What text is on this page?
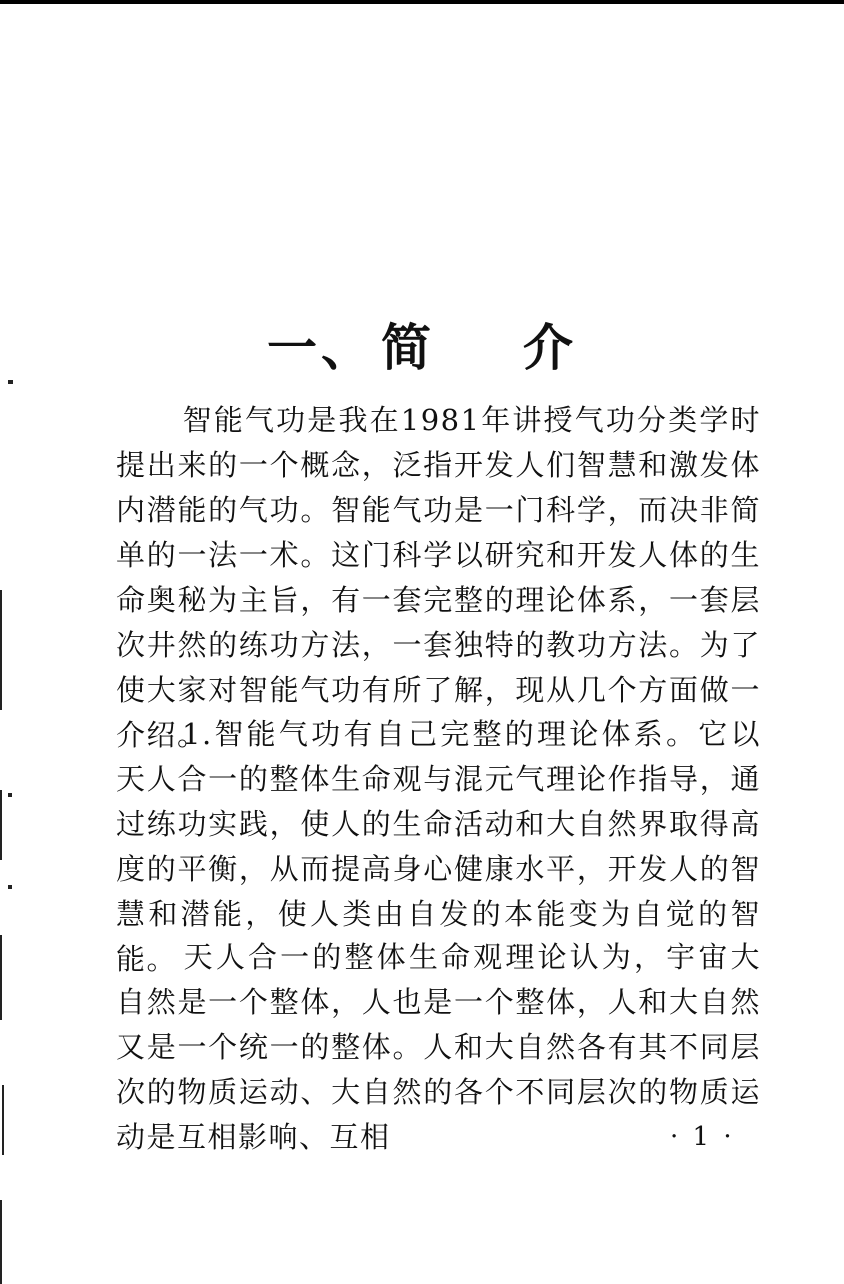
一、 简 介

智能气功是我在1981年讲授气功分类学时提出来的一个概念，泛指开发人们智慧和激发体内潜能的气功。智能气功是一门科学，而决非简单的一法一术。这门科学以研究和开发人体的生命奥秘为主旨，有一套完整的理论体系，一套层次井然的练功方法，一套独特的教功方法。为了使大家对智能气功有所了解，现从几个方面做一介绍。

1.智能气功有自己完整的理论体系。它以天人合一的整体生命观与混元气理论作指导，通过练功实践，使人的生命活动和大自然界取得高度的平衡，从而提高身心健康水平，开发人的智慧和潜能，使人类由自发的本能变为自觉的智能。 天人合一的整体生命观理论认为，宇宙大自然是一个整体，人也是一个整体，人和大自然又是一个统一的整体。人和大自然各有其不同层次的物质运动、大自然的各个不同层次的物质运动是互相影响、互相	· 1 ·
